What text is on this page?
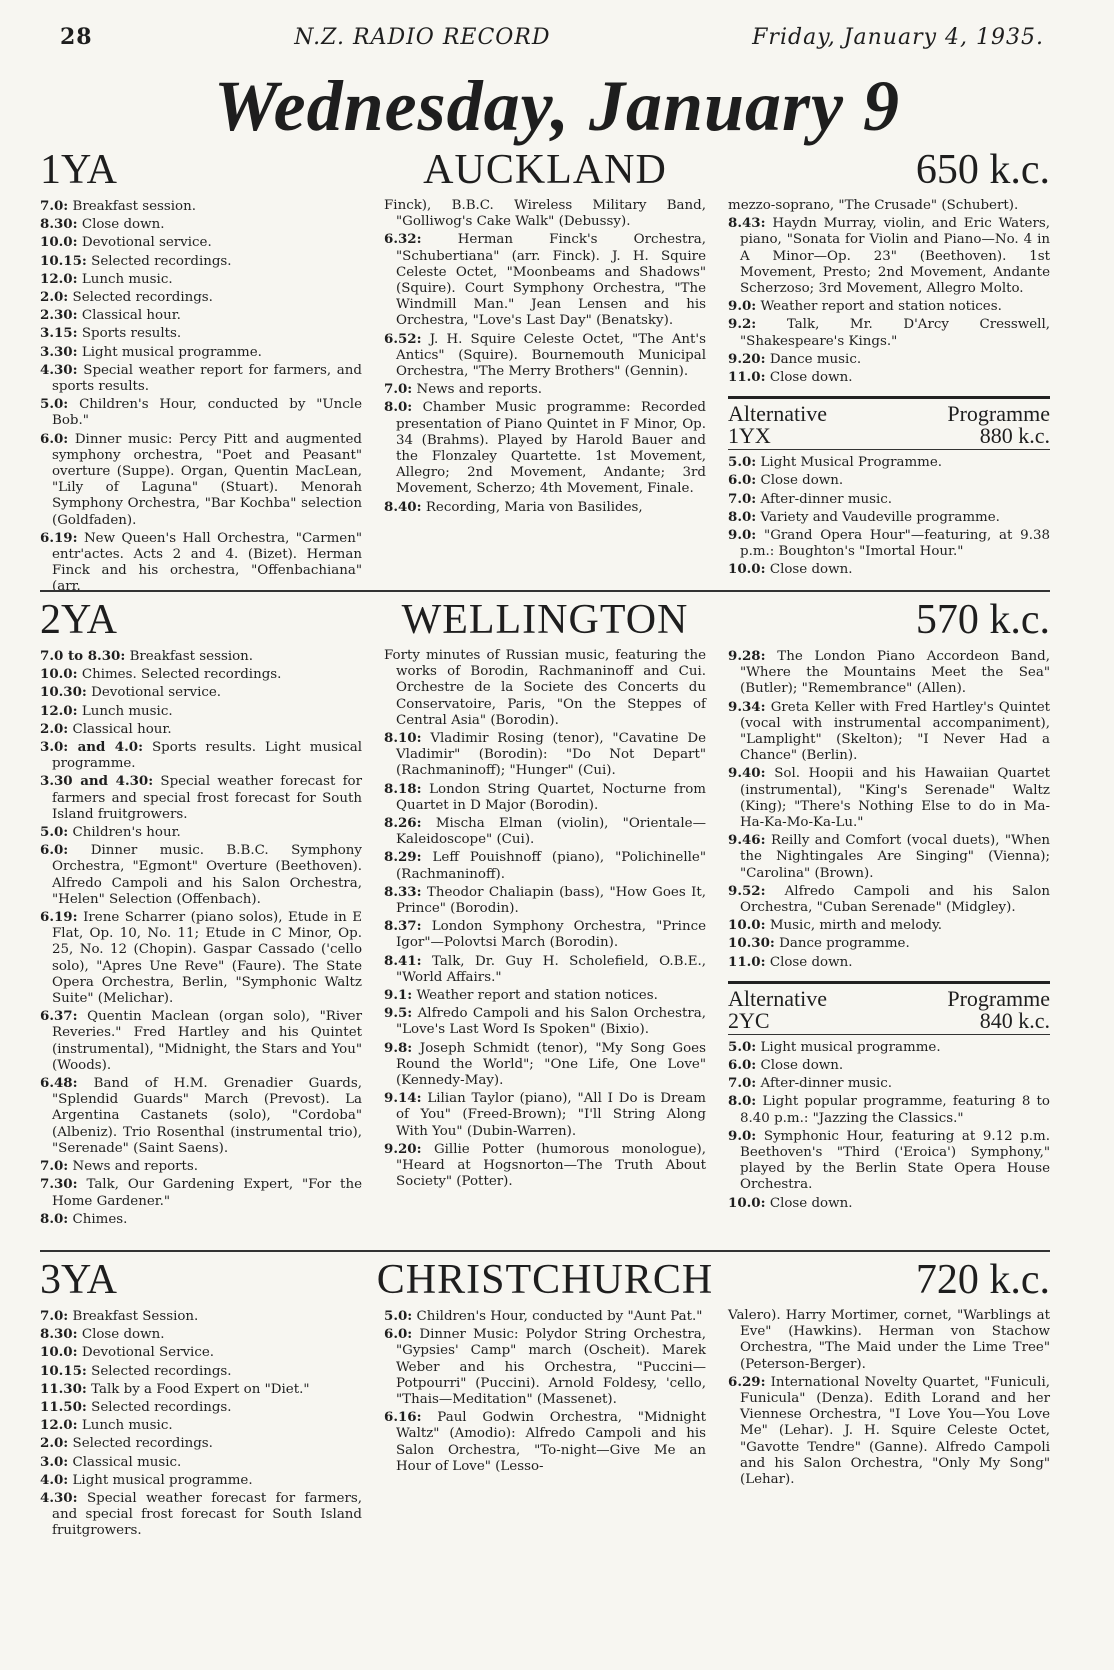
28	N.Z. RADIO RECORD	Friday, January 4, 1935.
Wednesday, January 9
1YA	AUCKLAND	650 k.c.

7.0: Breakfast session.

8.30: Close down.

10.0: Devotional service.

10.15: Selected recordings.

12.0: Lunch music.

2.0: Selected recordings.

2.30: Classical hour.

3.15: Sports results.

3.30: Light musical programme.

4.30: Special weather report for farmers, and sports results.

5.0: Children's Hour, conducted by "Uncle Bob."

6.0: Dinner music: Percy Pitt and augmented symphony orchestra, "Poet and Peasant" overture (Suppe). Organ, Quentin MacLean, "Lily of Laguna" (Stuart). Menorah Symphony Orchestra, "Bar Kochba" selection (Goldfaden).

6.19: New Queen's Hall Orchestra, "Carmen" entr'actes. Acts 2 and 4. (Bizet). Herman Finck and his orchestra, "Offenbachiana" (arr.

Finck), B.B.C. Wireless Military Band, "Golliwog's Cake Walk" (Debussy).

6.32:	Herman Finck's Orchestra, "Schubertiana" (arr. Finck). J. H. Squire Celeste Octet, "Moonbeams and Shadows" (Squire). Court Symphony Orchestra, "The Windmill Man." Jean Lensen and his Orchestra, "Love's Last Day" (Benatsky).

6.52: J. H. Squire Celeste Octet, "The Ant's Antics" (Squire). Bournemouth Municipal Orchestra, "The Merry Brothers" (Gennin).

7.0: News and reports.

8.0: Chamber Music programme: Recorded presentation of Piano Quintet in F Minor, Op. 34 (Brahms). Played by Harold Bauer and the Flonzaley Quartette. 1st Movement, Allegro; 2nd Movement, Andante; 3rd Movement, Scherzo; 4th Movement, Finale.

8.40: Recording, Maria von Basilides,

mezzo-soprano, "The Crusade" (Schubert).

8.43: Haydn Murray, violin, and Eric Waters, piano, "Sonata for Violin and Piano—No. 4 in A Minor—Op. 23" (Beethoven). 1st Movement, Presto; 2nd Movement, Andante Scherzoso; 3rd Movement, Allegro Molto.

9.0: Weather report and station notices.

9.2: Talk, Mr. D'Arcy Cresswell, "Shakespeare's Kings."

9.20: Dance music.

11.0: Close down.

Alternative	Programme
1YX	880 k.c.

5.0: Light Musical Programme.

6.0: Close down.

7.0: After-dinner music.

8.0: Variety and Vaudeville programme.

9.0: "Grand Opera Hour"—featuring, at 9.38 p.m.: Boughton's "Imortal Hour."

10.0: Close down.

2YA	WELLINGTON	570 k.c.

7.0 to 8.30: Breakfast session.

10.0: Chimes. Selected recordings.

10.30: Devotional service.

12.0: Lunch music.

2.0: Classical hour.

3.0: and 4.0: Sports results. Light musical programme.

3.30 and 4.30: Special weather forecast for farmers and special frost forecast for South Island fruitgrowers.

5.0: Children's hour.

6.0: Dinner music. B.B.C. Symphony Orchestra, "Egmont" Overture (Beethoven). Alfredo Campoli and his Salon Orchestra, "Helen" Selection (Offenbach).

6.19: Irene Scharrer (piano solos), Etude in E Flat, Op. 10, No. 11; Etude in C Minor, Op. 25, No. 12 (Chopin). Gaspar Cassado ('cello solo), "Apres Une Reve" (Faure). The State Opera Orchestra, Berlin, "Symphonic Waltz Suite" (Melichar).

6.37: Quentin Maclean (organ solo), "River Reveries." Fred Hartley and his Quintet (instrumental), "Midnight, the Stars and You" (Woods).

6.48: Band of H.M. Grenadier Guards, "Splendid Guards" March (Prevost). La Argentina Castanets (solo), "Cordoba" (Albeniz). Trio Rosenthal (instrumental trio), "Serenade" (Saint Saens).

7.0: News and reports.

7.30: Talk, Our Gardening Expert, "For the Home Gardener."

8.0: Chimes.

Forty minutes of Russian music, featuring the works of Borodin, Rachmaninoff and Cui. Orchestre de la Societe des Concerts du Conservatoire, Paris, "On the Steppes of Central Asia" (Borodin).

8.10: Vladimir Rosing (tenor), "Cavatine De Vladimir" (Borodin): "Do Not Depart" (Rachmaninoff); "Hunger" (Cui).

8.18: London String Quartet, Nocturne from Quartet in D Major (Borodin).

8.26: Mischa Elman (violin), "Orientale—Kaleidoscope" (Cui).

8.29: Leff Pouishnoff (piano), "Polichinelle" (Rachmaninoff).

8.33: Theodor Chaliapin (bass), "How Goes It, Prince" (Borodin).

8.37: London Symphony Orchestra, "Prince Igor"—Polovtsi March (Borodin).

8.41: Talk, Dr. Guy H. Scholefield, O.B.E., "World Affairs."

9.1: Weather report and station notices.

9.5: Alfredo Campoli and his Salon Orchestra, "Love's Last Word Is Spoken" (Bixio).

9.8: Joseph Schmidt (tenor), "My Song Goes Round the World"; "One Life, One Love" (Kennedy-May).

9.14: Lilian Taylor (piano), "All I Do is Dream of You" (Freed-Brown); "I'll String Along With You" (Dubin-Warren).

9.20: Gillie Potter (humorous monologue), "Heard at Hogsnorton—The Truth About Society" (Potter).

9.28: The London Piano Accordeon Band, "Where the Mountains Meet the Sea" (Butler); "Remembrance" (Allen).

9.34: Greta Keller with Fred Hartley's Quintet (vocal with instrumental accompaniment), "Lamplight" (Skelton); "I Never Had a Chance" (Berlin).

9.40: Sol. Hoopii and his Hawaiian Quartet (instrumental), "King's Serenade" Waltz (King); "There's Nothing Else to do in Ma-Ha-Ka-Mo-Ka-Lu."

9.46: Reilly and Comfort (vocal duets), "When the Nightingales Are Singing" (Vienna); "Carolina" (Brown).

9.52: Alfredo Campoli and his Salon Orchestra, "Cuban Serenade" (Midgley).

10.0: Music, mirth and melody.

10.30: Dance programme.

11.0: Close down.

Alternative	Programme
2YC	840 k.c.

5.0: Light musical programme.

6.0: Close down.

7.0: After-dinner music.

8.0: Light popular programme, featuring 8 to 8.40 p.m.: "Jazzing the Classics."

9.0: Symphonic Hour, featuring at 9.12 p.m. Beethoven's "Third ('Eroica') Symphony," played by the Berlin State Opera House Orchestra.

10.0: Close down.

3YA	CHRISTCHURCH	720 k.c.

7.0: Breakfast Session.

8.30: Close down.

10.0: Devotional Service.

10.15: Selected recordings.

11.30: Talk by a Food Expert on "Diet."

11.50: Selected recordings.

12.0: Lunch music.

2.0: Selected recordings.

3.0: Classical music.

4.0: Light musical programme.

4.30: Special weather forecast for farmers, and special frost forecast for South Island fruitgrowers.

5.0: Children's Hour, conducted by "Aunt Pat."

6.0: Dinner Music: Polydor String Orchestra, "Gypsies' Camp" march (Oscheit). Marek Weber and his Orchestra, "Puccini—Potpourri" (Puccini). Arnold Foldesy, 'cello, "Thais—Meditation" (Massenet).

6.16: Paul Godwin Orchestra, "Midnight Waltz" (Amodio): Alfredo Campoli and his Salon Orchestra, "To-night—Give Me an Hour of Love" (Lesso-

Valero). Harry Mortimer, cornet, "Warblings at Eve" (Hawkins). Herman von Stachow Orchestra, "The Maid under the Lime Tree" (Peterson-Berger).

6.29: International Novelty Quartet, "Funiculi, Funicula" (Denza). Edith Lorand and her Viennese Orchestra, "I Love You—You Love Me" (Lehar). J. H. Squire Celeste Octet, "Gavotte Tendre" (Ganne). Alfredo Campoli and his Salon Orchestra, "Only My Song" (Lehar).
